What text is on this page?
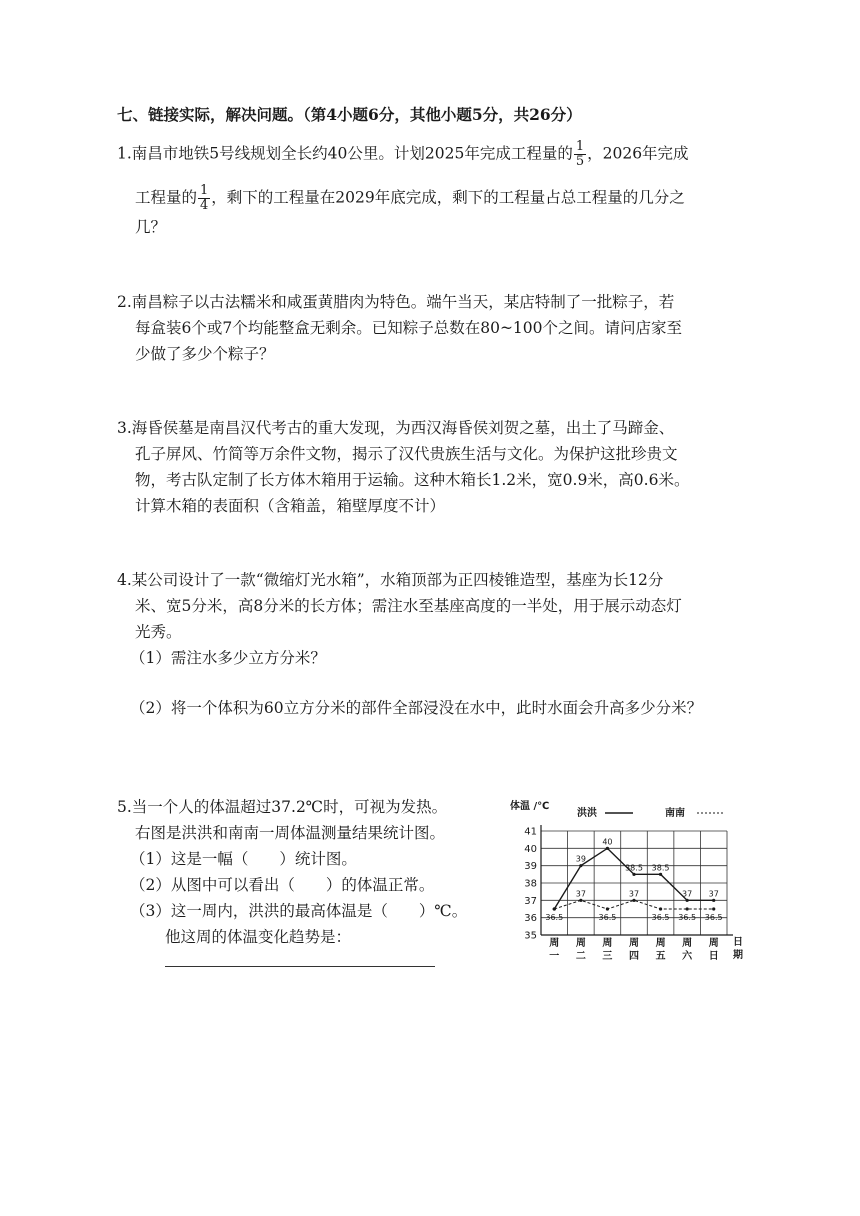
七、链接实际，解决问题。（第4小题6分，其他小题5分，共26分）
1.南昌市地铁5号线规划全长约40公里。计划2025年完成工程量的 $\frac{1}{5}$ ，2026年完成
工程量的 $\frac{1}{4}$ ，剩下的工程量在2029年底完成，剩下的工程量占总工程量的几分之
几？
2.南昌粽子以古法糯米和咸蛋黄腊肉为特色。端午当天，某店特制了一批粽子，若
每盒装6个或7个均能整盒无剩余。已知粽子总数在80~100个之间。请问店家至
少做了多少个粽子？
3.海昏侯墓是南昌汉代考古的重大发现，为西汉海昏侯刘贺之墓，出土了马蹄金、
孔子屏风、竹简等万余件文物，揭示了汉代贵族生活与文化。为保护这批珍贵文
物，考古队定制了长方体木箱用于运输。这种木箱长1.2米，宽0.9米，高0.6米。
计算木箱的表面积（含箱盖，箱壁厚度不计）
4.某公司设计了一款“微缩灯光水箱”，水箱顶部为正四棱锥造型，基座为长12分
米、宽5分米，高8分米的长方体；需注水至基座高度的一半处，用于展示动态灯
光秀。
（1）需注水多少立方分米？
（2）将一个体积为60立方分米的部件全部浸没在水中，此时水面会升高多少分米？
5.当一个人的体温超过37.2℃时，可视为发热。
右图是洪洪和南南一周体温测量结果统计图。
（1）这是一幅（　　）统计图。
（2）从图中可以看出（　　）的体温正常。
（3）这一周内，洪洪的最高体温是（　　）℃。
他这周的体温变化趋势是：
体温 /℃
洪洪	南南
日
期
35
36
37
38
39
40
41
周
一
周
二
周
三
周
四
周
五
周
六
周
日
36.5
39
40
38.5 38.5
37 37
37
36.5
37
36.5 36.5 36.5
